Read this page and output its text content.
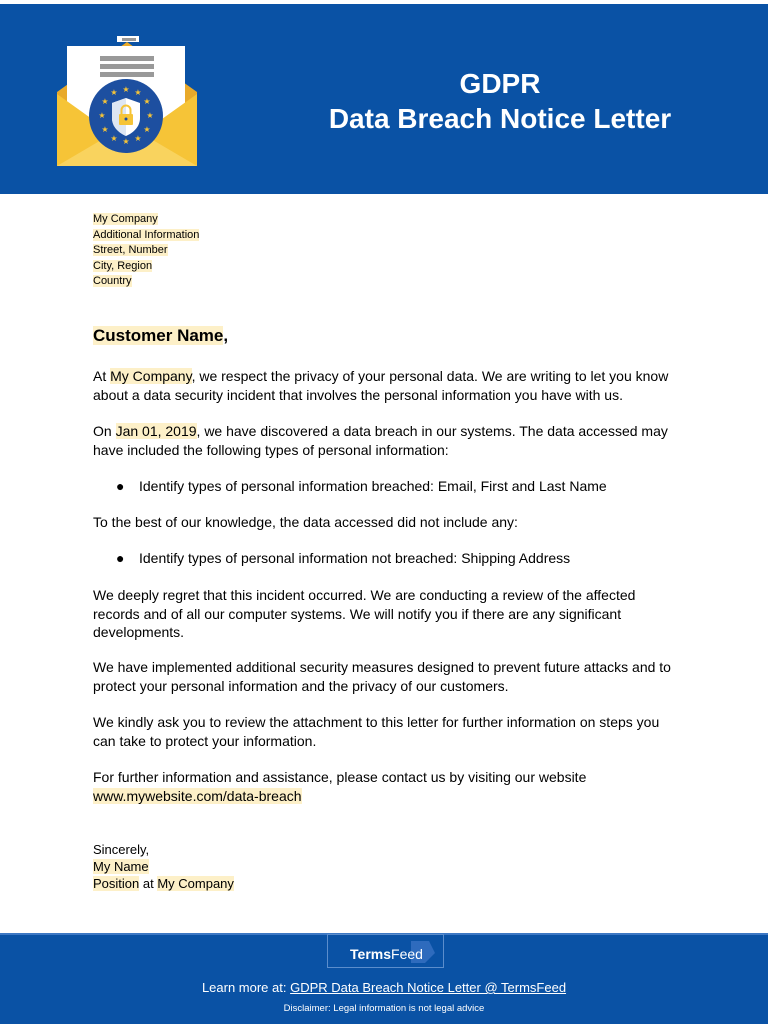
★ ★
★
★
★
★
★
★
★
★
★
★	GDPR
Data Breach Notice Letter
My Company
Additional Information
Street, Number
City, Region
Country
Customer Name,

At My Company, we respect the privacy of your personal data. We are writing to let you know about a data security incident that involves the personal information you have with us.

On Jan 01, 2019, we have discovered a data breach in our systems. The data accessed may have included the following types of personal information:

● Identify types of personal information breached: Email, First and Last Name

To the best of our knowledge, the data accessed did not include any:

● Identify types of personal information not breached: Shipping Address

We deeply regret that this incident occurred. We are conducting a review of the affected records and of all our computer systems. We will notify you if there are any significant developments.

We have implemented additional security measures designed to prevent future attacks and to protect your personal information and the privacy of our customers.

We kindly ask you to review the attachment to this letter for further information on steps you can take to protect your information.

For further information and assistance, please contact us by visiting our website
www.mywebsite.com/data-breach

Sincerely,
My Name
Position at My Company
TermsFeed
Learn more at: GDPR Data Breach Notice Letter @ TermsFeed
Disclaimer: Legal information is not legal advice
